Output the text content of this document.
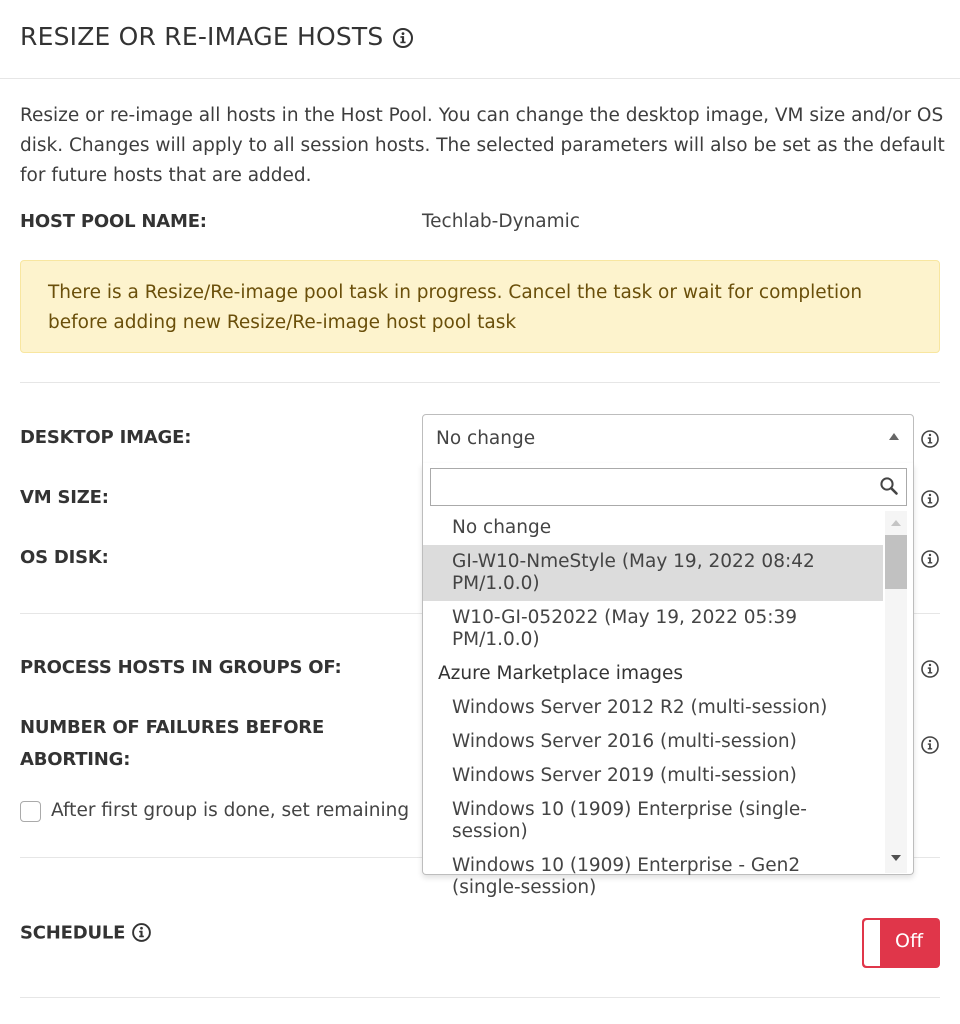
RESIZE OR RE-IMAGE HOSTS
Resize or re-image all hosts in the Host Pool. You can change the desktop image, VM size and/or OS disk. Changes will apply to all session hosts. The selected parameters will also be set as the default for future hosts that are added.
HOST POOL NAME:	Techlab-Dynamic
There is a Resize/Re-image pool task in progress. Cancel the task or wait for completion before adding new Resize/Re-image host pool task
DESKTOP IMAGE:	No change
VM SIZE:
OS DISK:
PROCESS HOSTS IN GROUPS OF:
NUMBER OF FAILURES BEFORE
ABORTING:
After first group is done, set remaining
SCHEDULE	Off
No change
GI-W10-NmeStyle (May 19, 2022 08:42 PM/1.0.0)
W10-GI-052022 (May 19, 2022 05:39 PM/1.0.0)
Azure Marketplace images
Windows Server 2012 R2 (multi-session)
Windows Server 2016 (multi-session)
Windows Server 2019 (multi-session)
Windows 10 (1909) Enterprise (single-session)
Windows 10 (1909) Enterprise - Gen2 (single-session)
